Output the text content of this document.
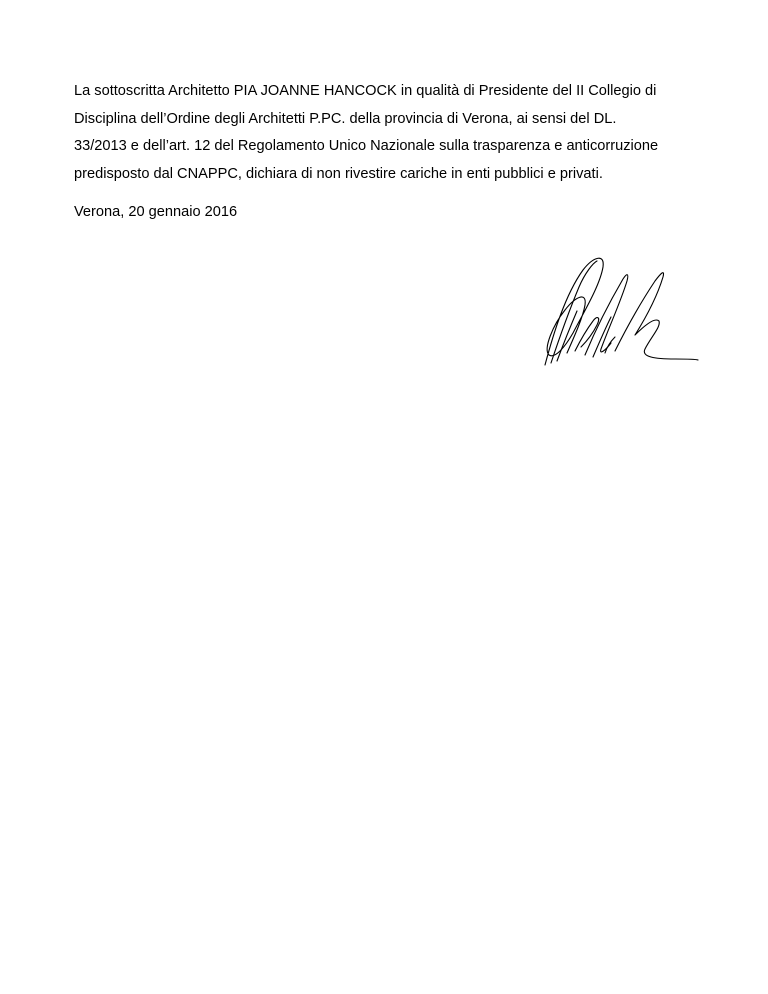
La sottoscritta Architetto PIA JOANNE HANCOCK in qualità di Presidente del II Collegio di
Disciplina dell’Ordine degli Architetti P.PC. della provincia di Verona, ai sensi del DL.
33/2013 e dell’art. 12 del Regolamento Unico Nazionale sulla trasparenza e anticorruzione
predisposto dal CNAPPC, dichiara di non rivestire cariche in enti pubblici e privati.

Verona, 20 gennaio 2016
